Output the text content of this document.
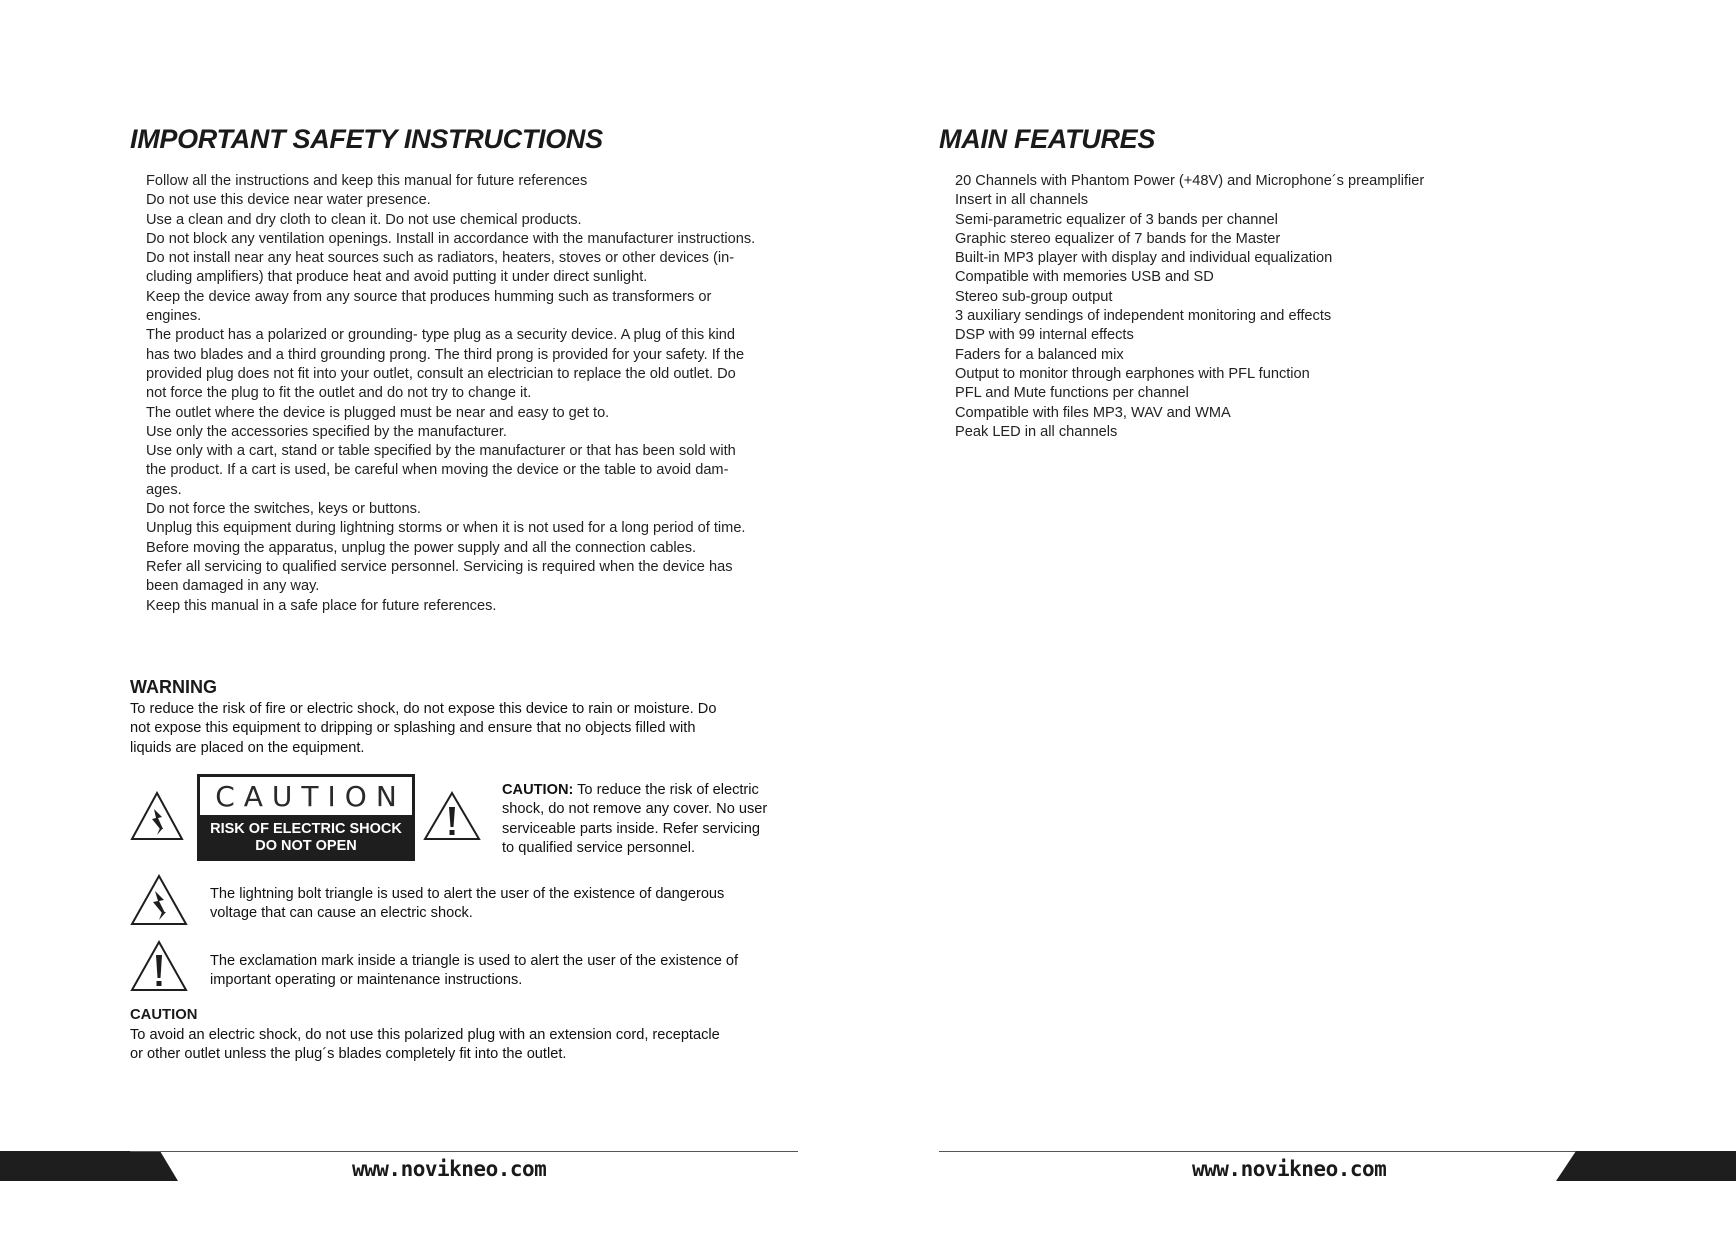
IMPORTANT SAFETY INSTRUCTIONS
Follow all the instructions and keep this manual for future references
Do not use this device near water presence.
Use a clean and dry cloth to clean it. Do not use chemical products.
Do not block any ventilation openings. Install in accordance with the manufacturer instructions.
Do not install near any heat sources such as radiators, heaters, stoves or other devices (in-
cluding amplifiers) that produce heat and avoid putting it under direct sunlight.
Keep the device away from any source that produces humming such as transformers or
engines.
The product has a polarized or grounding- type plug as a security device. A plug of this kind
has two blades and a third grounding prong. The third prong is provided for your safety. If the
provided plug does not fit into your outlet, consult an electrician to replace the old outlet. Do
not force the plug to fit the outlet and do not try to change it.
The outlet where the device is plugged must be near and easy to get to.
Use only the accessories specified by the manufacturer.
Use only with a cart, stand or table specified by the manufacturer or that has been sold with
the product. If a cart is used, be careful when moving the device or the table to avoid dam-
ages.
Do not force the switches, keys or buttons.
Unplug this equipment during lightning storms or when it is not used for a long period of time.
Before moving the apparatus, unplug the power supply and all the connection cables.
Refer all servicing to qualified service personnel. Servicing is required when the device has
been damaged in any way.
Keep this manual in a safe place for future references.
WARNING
To reduce the risk of fire or electric shock, do not expose this device to rain or moisture. Do
not expose this equipment to dripping or splashing and ensure that no objects filled with
liquids are placed on the equipment.
CAUTION
RISK OF ELECTRIC SHOCK
DO NOT OPEN
CAUTION: To reduce the risk of electric
shock, do not remove any cover. No user
serviceable parts inside. Refer servicing
to qualified service personnel.
The lightning bolt triangle is used to alert the user of the existence of dangerous
voltage that can cause an electric shock.
The exclamation mark inside a triangle is used to alert the user of the existence of
important operating or maintenance instructions.
CAUTION
To avoid an electric shock, do not use this polarized plug with an extension cord, receptacle
or other outlet unless the plug´s blades completely fit into the outlet.
www.novikneo.com
MAIN FEATURES
20 Channels with Phantom Power (+48V) and Microphone´s preamplifier
Insert in all channels
Semi-parametric equalizer of 3 bands per channel
Graphic stereo equalizer of 7 bands for the Master
Built-in MP3 player with display and individual equalization
Compatible with memories USB and SD
Stereo sub-group output
3 auxiliary sendings of independent monitoring and effects
DSP with 99 internal effects
Faders for a balanced mix
Output to monitor through earphones with PFL function
PFL and Mute functions per channel
Compatible with files MP3, WAV and WMA
Peak LED in all channels
www.novikneo.com
